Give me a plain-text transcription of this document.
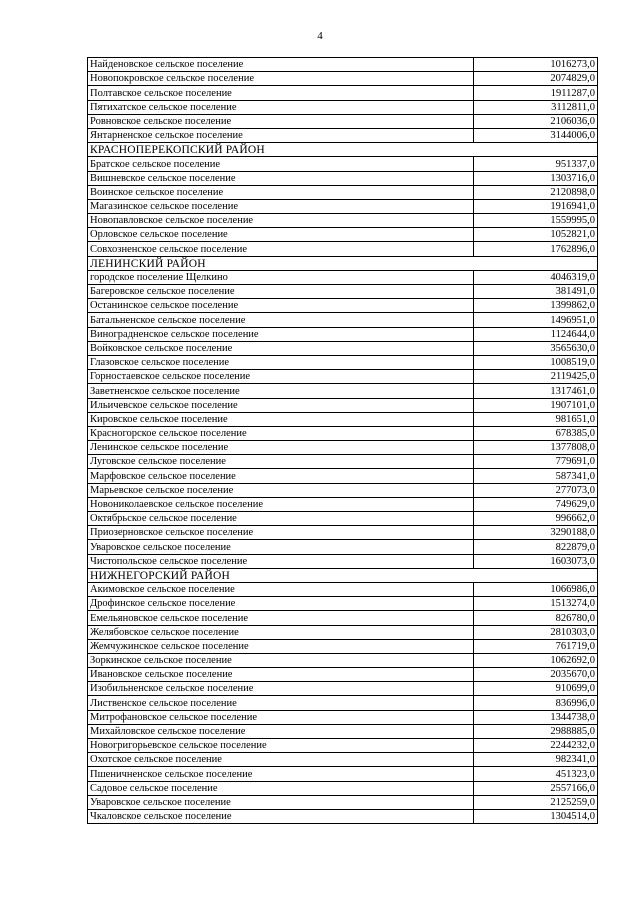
4
Найденовское сельское поселение	1016273,0
Новопокровское сельское поселение	2074829,0
Полтавское сельское поселение	1911287,0
Пятихатское сельское поселение	3112811,0
Ровновское сельское поселение	2106036,0
Янтарненское сельское поселение	3144006,0
КРАСНОПЕРЕКОПСКИЙ РАЙОН	
Братское сельское поселение	951337,0
Вишневское сельское поселение	1303716,0
Воинское сельское поселение	2120898,0
Магазинское сельское поселение	1916941,0
Новопавловское сельское поселение	1559995,0
Орловское сельское поселение	1052821,0
Совхозненское сельское поселение	1762896,0
ЛЕНИНСКИЙ РАЙОН	
городское поселение Щелкино	4046319,0
Багеровское сельское поселение	381491,0
Останинское сельское поселение	1399862,0
Батальненское сельское поселение	1496951,0
Виноградненское сельское поселение	1124644,0
Войковское сельское поселение	3565630,0
Глазовское сельское поселение	1008519,0
Горностаевское сельское поселение	2119425,0
Заветненское сельское поселение	1317461,0
Ильичевское сельское поселение	1907101,0
Кировское сельское поселение	981651,0
Красногорское сельское поселение	678385,0
Ленинское сельское поселение	1377808,0
Луговское сельское поселение	779691,0
Марфовское сельское поселение	587341,0
Марьевское сельское поселение	277073,0
Новониколаевское сельское поселение	749629,0
Октябрьское сельское поселение	996662,0
Приозерновское сельское поселение	3290188,0
Уваровское сельское поселение	822879,0
Чистопольское сельское поселение	1603073,0
НИЖНЕГОРСКИЙ РАЙОН	
Акимовское сельское поселение	1066986,0
Дрофинское сельское поселение	1513274,0
Емельяновское сельское поселение	826780,0
Желябовское сельское поселение	2810303,0
Жемчужинское сельское поселение	761719,0
Зоркинское сельское поселение	1062692,0
Ивановское сельское поселение	2035670,0
Изобильненское сельское поселение	910699,0
Лиственское сельское поселение	836996,0
Митрофановское сельское поселение	1344738,0
Михайловское сельское поселение	2988885,0
Новогригорьевское сельское поселение	2244232,0
Охотское сельское поселение	982341,0
Пшеничненское сельское поселение	451323,0
Садовое сельское поселение	2557166,0
Уваровское сельское поселение	2125259,0
Чкаловское сельское поселение	1304514,0
